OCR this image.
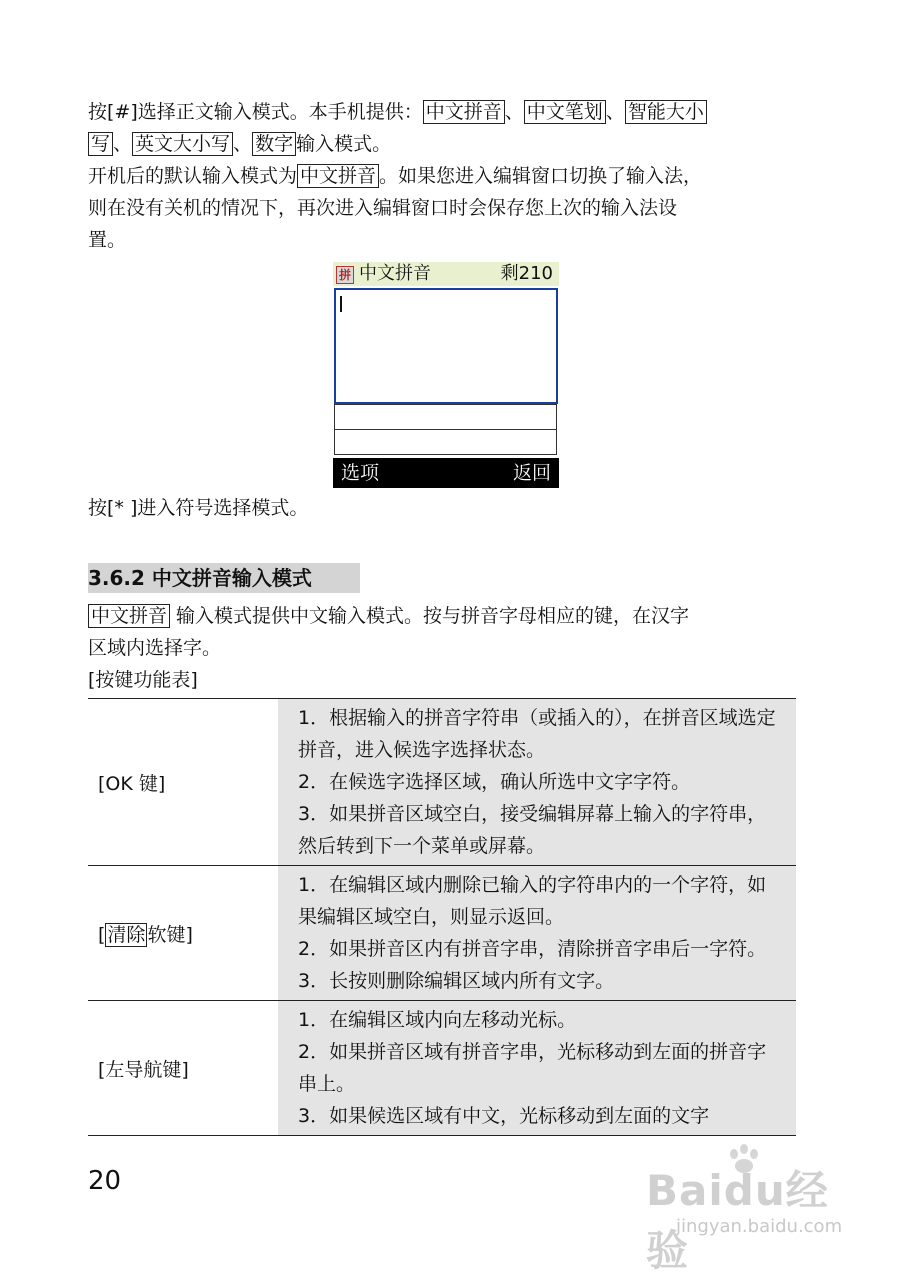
按[#]选择正文输入模式。本手机提供： 中文拼音 、 中文笔划 、 智能大小
写 、 英文大小写 、 数字 输入模式。
开机后的默认输入模式为 中文拼音 。如果您进入编辑窗口切换了输入法，
则在没有关机的情况下，再次进入编辑窗口时会保存您上次的输入法设
置。
拼 中文拼音	剩210
选项	返回
按[* ]进入符号选择模式。
3.6.2 中文拼音输入模式
中文拼音 输入模式提供中文输入模式。按与拼音字母相应的键，在汉字
区域内选择字。
[按键功能表]
[OK 键]	1．根据输入的拼音字符串（或插入的），在拼音区域选定拼音，进入候选字选择状态。
2．在候选字选择区域，确认所选中文字字符。
3．如果拼音区域空白，接受编辑屏幕上输入的字符串，然后转到下一个菜单或屏幕。

[ 清除 软键]	1．在编辑区域内删除已输入的字符串内的一个字符，如果编辑区域空白，则显示返回。
2．如果拼音区内有拼音字串，清除拼音字串后一字符。
3．长按则删除编辑区域内所有文字。

[左导航键]	1．在编辑区域内向左移动光标。
2．如果拼音区域有拼音字串，光标移动到左面的拼音字串上。
3．如果候选区域有中文，光标移动到左面的文字
20	Baidu经验
jingyan.baidu.com
